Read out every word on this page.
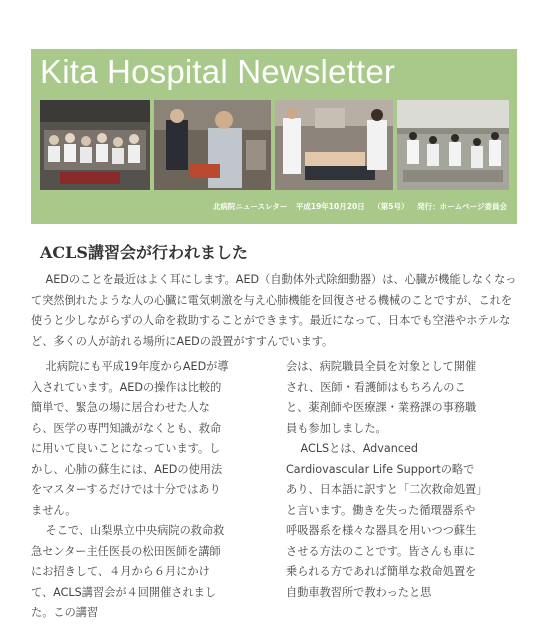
Kita Hospital Newsletter
北病院ニュースレター 平成19年10月20日 （第5号） 発行：ホームページ委員会
ACLS講習会が行われました

AEDのことを最近はよく耳にします。AED（自動体外式除細動器）は、心臓が機能しなくなって突然倒れたような人の心臓に電気刺激を与え心肺機能を回復させる機械のことですが、これを使うと少しながらずの人命を救助することができます。最近になって、日本でも空港やホテルなど、多くの人が訪れる場所にAEDの設置がすすんでいます。

北病院にも平成19年度からAEDが導入されています。AEDの操作は比較的簡単で、緊急の場に居合わせた人なら、医学の専門知識がなくとも、救命に用いて良いことになっています。しかし、心肺の蘇生には、AEDの使用法をマスターするだけでは十分ではありません。

そこで、山梨県立中央病院の救命救急センター主任医長の松田医師を講師にお招きして、４月から６月にかけて、ACLS講習会が４回開催されました。この講習

会は、病院職員全員を対象として開催され、医師・看護師はもちろんのこと、薬剤師や医療課・業務課の事務職員も参加しました。

ACLSとは、Advanced Cardiovascular Life Supportの略であり、日本語に訳すと「二次救命処置」と言います。働きを失った循環器系や呼吸器系を様々な器具を用いつつ蘇生させる方法のことです。皆さんも車に乗られる方であれば簡単な救命処置を自動車教習所で教わったと思
